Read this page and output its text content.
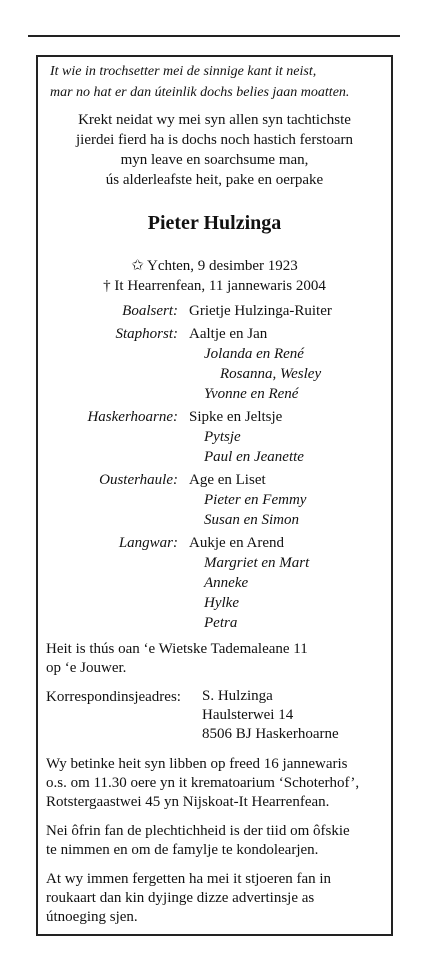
It wie in trochsetter mei de sinnige kant it neist,
mar no hat er dan úteinlik dochs belies jaan moatten.
Krekt neidat wy mei syn allen syn tachtichste
jierdei fierd ha is dochs noch hastich ferstoarn
myn leave en soarchsume man,
ús alderleafste heit, pake en oerpake
Pieter Hulzinga
✩ Ychten, 9 desimber 1923
† It Hearrenfean, 11 jannewaris 2004
Boalsert: Grietje Hulzinga-Ruiter
Staphorst: Aaltje en Jan
Jolanda en René
Rosanna, Wesley
Yvonne en René
Haskerhoarne: Sipke en Jeltsje
Pytsje
Paul en Jeanette
Ousterhaule: Age en Liset
Pieter en Femmy
Susan en Simon
Langwar: Aukje en Arend
Margriet en Mart
Anneke
Hylke
Petra
Heit is thús oan ‘e Wietske Tademaleane 11
op ‘e Jouwer.
Korrespondinsjeadres: S. Hulzinga
Haulsterwei 14
8506 BJ Haskerhoarne
Wy betinke heit syn libben op freed 16 jannewaris
o.s. om 11.30 oere yn it krematoarium ‘Schoterhof’,
Rotstergaastwei 45 yn Nijskoat-It Hearrenfean.
Nei ôfrin fan de plechtichheid is der tiid om ôfskie
te nimmen en om de famylje te kondolearjen.
At wy immen fergetten ha mei it stjoeren fan in
roukaart dan kin dyjinge dizze advertinsje as
útnoeging sjen.
